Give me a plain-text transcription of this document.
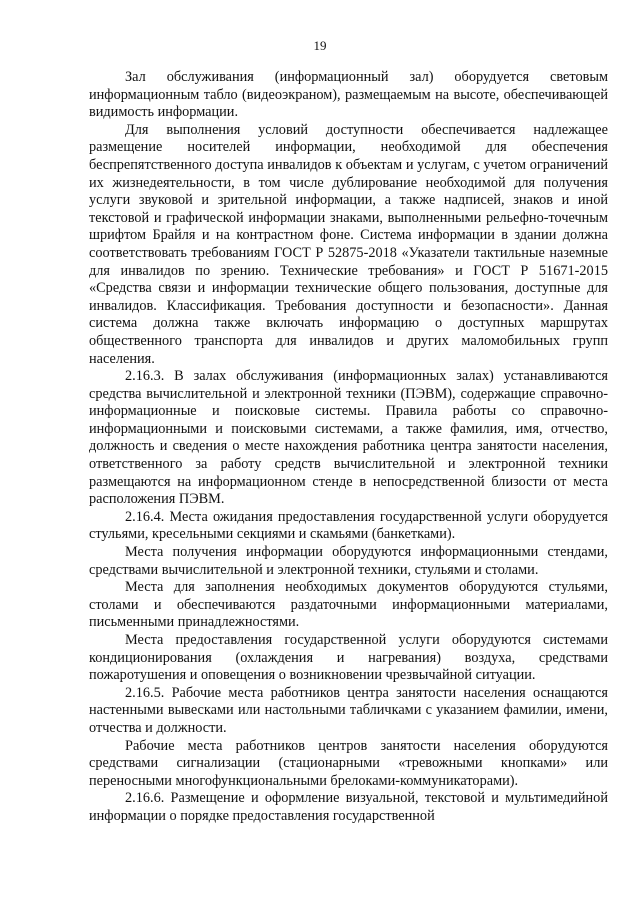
19

Зал обслуживания (информационный зал) оборудуется световым информационным табло (видеоэкраном), размещаемым на высоте, обеспечивающей видимость информации.

Для выполнения условий доступности обеспечивается надлежащее размещение носителей информации, необходимой для обеспечения беспрепятственного доступа инвалидов к объектам и услугам, с учетом ограничений их жизнедеятельности, в том числе дублирование необходимой для получения услуги звуковой и зрительной информации, а также надписей, знаков и иной текстовой и графической информации знаками, выполненными рельефно-точечным шрифтом Брайля и на контрастном фоне. Система информации в здании должна соответствовать требованиям ГОСТ Р 52875-2018 «Указатели тактильные наземные для инвалидов по зрению. Технические требования» и ГОСТ Р 51671-2015 «Средства связи и информации технические общего пользования, доступные для инвалидов. Классификация. Требования доступности и безопасности». Данная система должна также включать информацию о доступных маршрутах общественного транспорта для инвалидов и других маломобильных групп населения.

2.16.3. В залах обслуживания (информационных залах) устанавливаются средства вычислительной и электронной техники (ПЭВМ), содержащие справочно-информационные и поисковые системы. Правила работы со справочно-информационными и поисковыми системами, а также фамилия, имя, отчество, должность и сведения о месте нахождения работника центра занятости населения, ответственного за работу средств вычислительной и электронной техники размещаются на информационном стенде в непосредственной близости от места расположения ПЭВМ.

2.16.4. Места ожидания предоставления государственной услуги оборудуется стульями, кресельными секциями и скамьями (банкетками).

Места получения информации оборудуются информационными стендами, средствами вычислительной и электронной техники, стульями и столами.

Места для заполнения необходимых документов оборудуются стульями, столами и обеспечиваются раздаточными информационными материалами, письменными принадлежностями.

Места предоставления государственной услуги оборудуются системами кондиционирования (охлаждения и нагревания) воздуха, средствами пожаротушения и оповещения о возникновении чрезвычайной ситуации.

2.16.5. Рабочие места работников центра занятости населения оснащаются настенными вывесками или настольными табличками с указанием фамилии, имени, отчества и должности.

Рабочие места работников центров занятости населения оборудуются средствами сигнализации (стационарными «тревожными кнопками» или переносными многофункциональными брелоками-коммуникаторами).

2.16.6. Размещение и оформление визуальной, текстовой и мультимедийной информации о порядке предоставления государственной
